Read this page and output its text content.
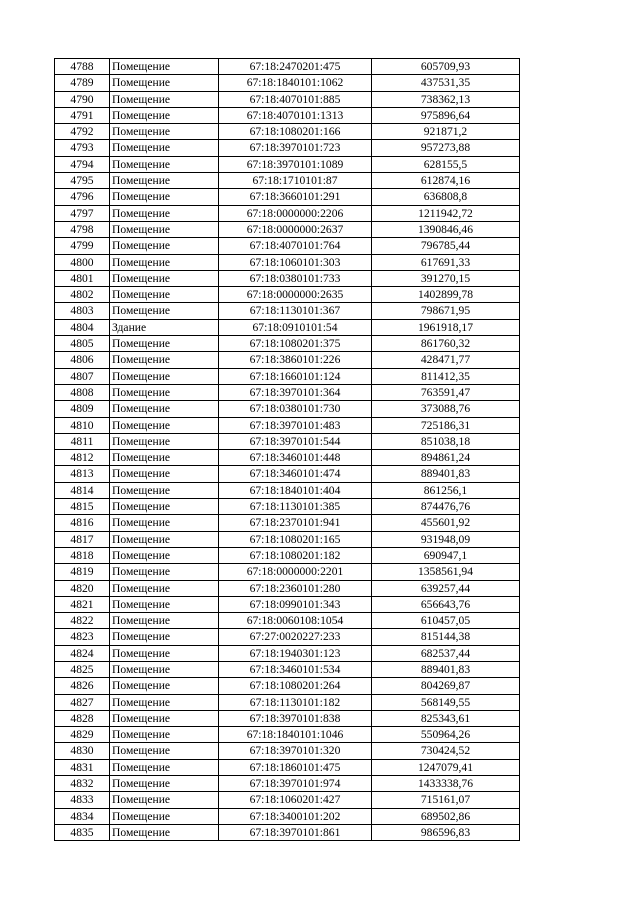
4788	Помещение	67:18:2470201:475	605709,93
4789	Помещение	67:18:1840101:1062	437531,35
4790	Помещение	67:18:4070101:885	738362,13
4791	Помещение	67:18:4070101:1313	975896,64
4792	Помещение	67:18:1080201:166	921871,2
4793	Помещение	67:18:3970101:723	957273,88
4794	Помещение	67:18:3970101:1089	628155,5
4795	Помещение	67:18:1710101:87	612874,16
4796	Помещение	67:18:3660101:291	636808,8
4797	Помещение	67:18:0000000:2206	1211942,72
4798	Помещение	67:18:0000000:2637	1390846,46
4799	Помещение	67:18:4070101:764	796785,44
4800	Помещение	67:18:1060101:303	617691,33
4801	Помещение	67:18:0380101:733	391270,15
4802	Помещение	67:18:0000000:2635	1402899,78
4803	Помещение	67:18:1130101:367	798671,95
4804	Здание	67:18:0910101:54	1961918,17
4805	Помещение	67:18:1080201:375	861760,32
4806	Помещение	67:18:3860101:226	428471,77
4807	Помещение	67:18:1660101:124	811412,35
4808	Помещение	67:18:3970101:364	763591,47
4809	Помещение	67:18:0380101:730	373088,76
4810	Помещение	67:18:3970101:483	725186,31
4811	Помещение	67:18:3970101:544	851038,18
4812	Помещение	67:18:3460101:448	894861,24
4813	Помещение	67:18:3460101:474	889401,83
4814	Помещение	67:18:1840101:404	861256,1
4815	Помещение	67:18:1130101:385	874476,76
4816	Помещение	67:18:2370101:941	455601,92
4817	Помещение	67:18:1080201:165	931948,09
4818	Помещение	67:18:1080201:182	690947,1
4819	Помещение	67:18:0000000:2201	1358561,94
4820	Помещение	67:18:2360101:280	639257,44
4821	Помещение	67:18:0990101:343	656643,76
4822	Помещение	67:18:0060108:1054	610457,05
4823	Помещение	67:27:0020227:233	815144,38
4824	Помещение	67:18:1940301:123	682537,44
4825	Помещение	67:18:3460101:534	889401,83
4826	Помещение	67:18:1080201:264	804269,87
4827	Помещение	67:18:1130101:182	568149,55
4828	Помещение	67:18:3970101:838	825343,61
4829	Помещение	67:18:1840101:1046	550964,26
4830	Помещение	67:18:3970101:320	730424,52
4831	Помещение	67:18:1860101:475	1247079,41
4832	Помещение	67:18:3970101:974	1433338,76
4833	Помещение	67:18:1060201:427	715161,07
4834	Помещение	67:18:3400101:202	689502,86
4835	Помещение	67:18:3970101:861	986596,83
